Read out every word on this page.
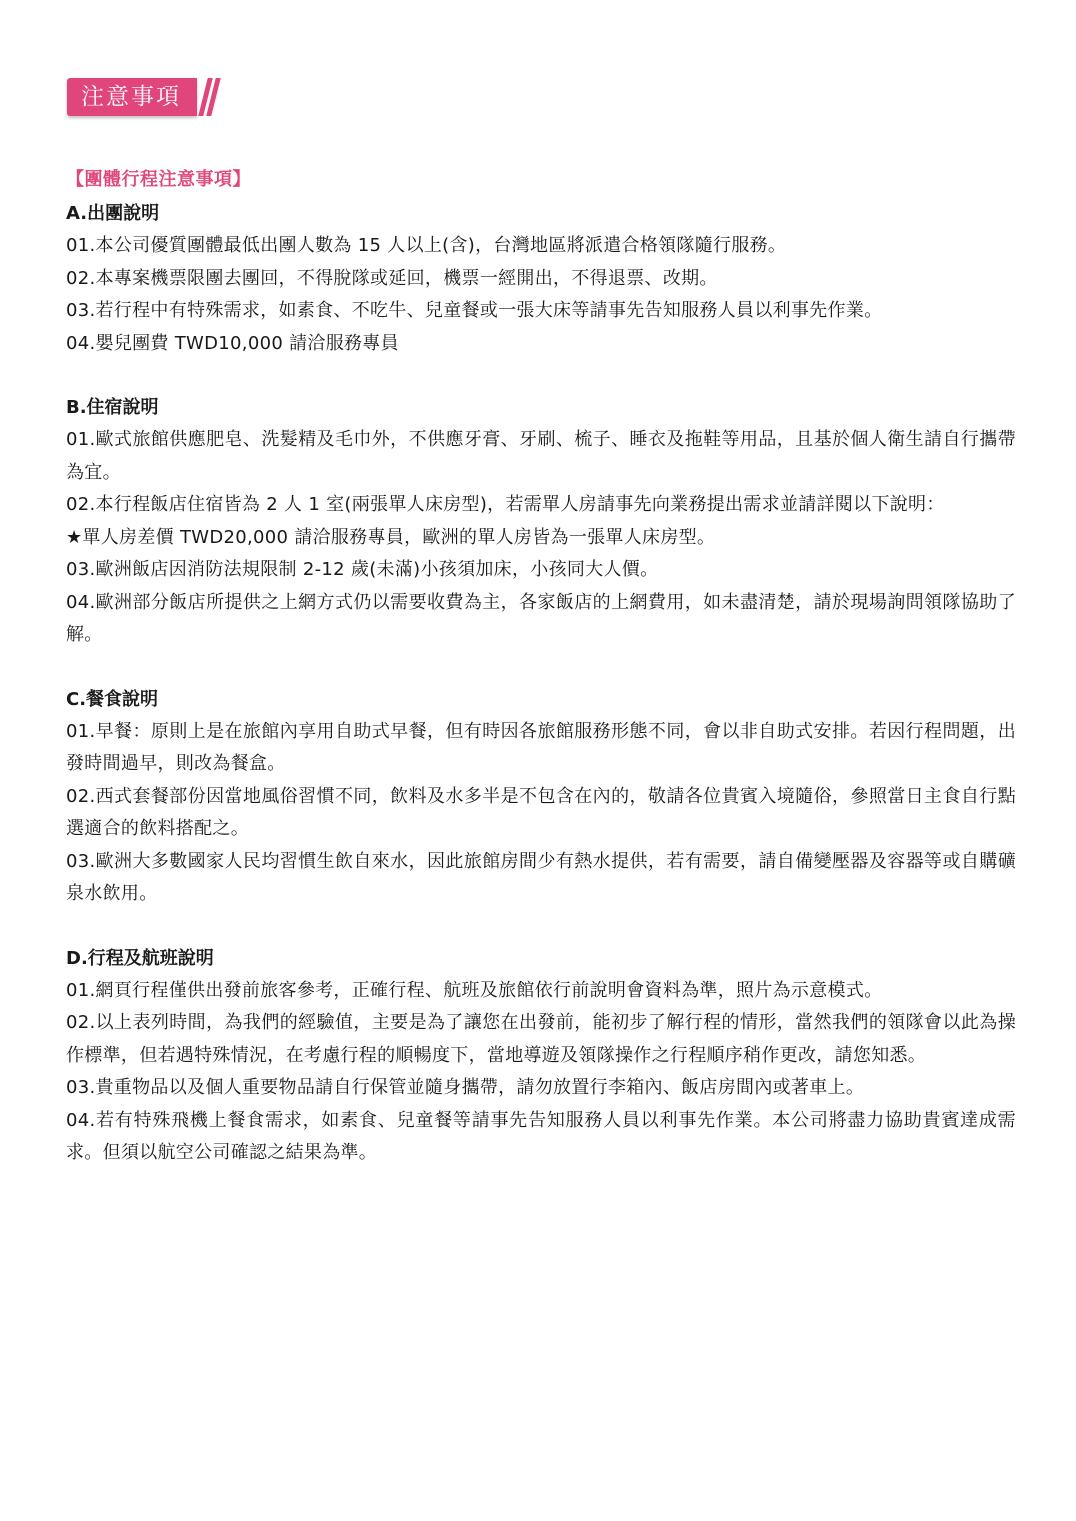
注意事項
【團體行程注意事項】
A.出團說明

01.本公司優質團體最低出團人數為 15 人以上(含)，台灣地區將派遣合格領隊隨行服務。

02.本專案機票限團去團回，不得脫隊或延回，機票一經開出，不得退票、改期。

03.若行程中有特殊需求，如素食、不吃牛、兒童餐或一張大床等請事先告知服務人員以利事先作業。

04.嬰兒團費 TWD10,000 請洽服務專員

B.住宿說明

01.歐式旅館供應肥皂、洗髮精及毛巾外，不供應牙膏、牙刷、梳子、睡衣及拖鞋等用品，且基於個人衛生請自行攜帶為宜。

02.本行程飯店住宿皆為 2 人 1 室(兩張單人床房型)，若需單人房請事先向業務提出需求並請詳閱以下說明：

★單人房差價 TWD20,000 請洽服務專員，歐洲的單人房皆為一張單人床房型。

03.歐洲飯店因消防法規限制 2-12 歲(未滿)小孩須加床，小孩同大人價。

04.歐洲部分飯店所提供之上網方式仍以需要收費為主，各家飯店的上網費用，如未盡清楚，請於現場詢問領隊協助了解。

C.餐食說明

01.早餐：原則上是在旅館內享用自助式早餐，但有時因各旅館服務形態不同，會以非自助式安排。若因行程問題，出發時間過早，則改為餐盒。

02.西式套餐部份因當地風俗習慣不同，飲料及水多半是不包含在內的，敬請各位貴賓入境隨俗，參照當日主食自行點選適合的飲料搭配之。

03.歐洲大多數國家人民均習慣生飲自來水，因此旅館房間少有熱水提供，若有需要，請自備變壓器及容器等或自購礦泉水飲用。

D.行程及航班說明

01.網頁行程僅供出發前旅客參考，正確行程、航班及旅館依行前說明會資料為準，照片為示意模式。

02.以上表列時間，為我們的經驗值，主要是為了讓您在出發前，能初步了解行程的情形，當然我們的領隊會以此為操作標準，但若遇特殊情況，在考慮行程的順暢度下，當地導遊及領隊操作之行程順序稍作更改，請您知悉。

03.貴重物品以及個人重要物品請自行保管並隨身攜帶，請勿放置行李箱內、飯店房間內或著車上。

04.若有特殊飛機上餐食需求，如素食、兒童餐等請事先告知服務人員以利事先作業。本公司將盡力協助貴賓達成需求。但須以航空公司確認之結果為準。
